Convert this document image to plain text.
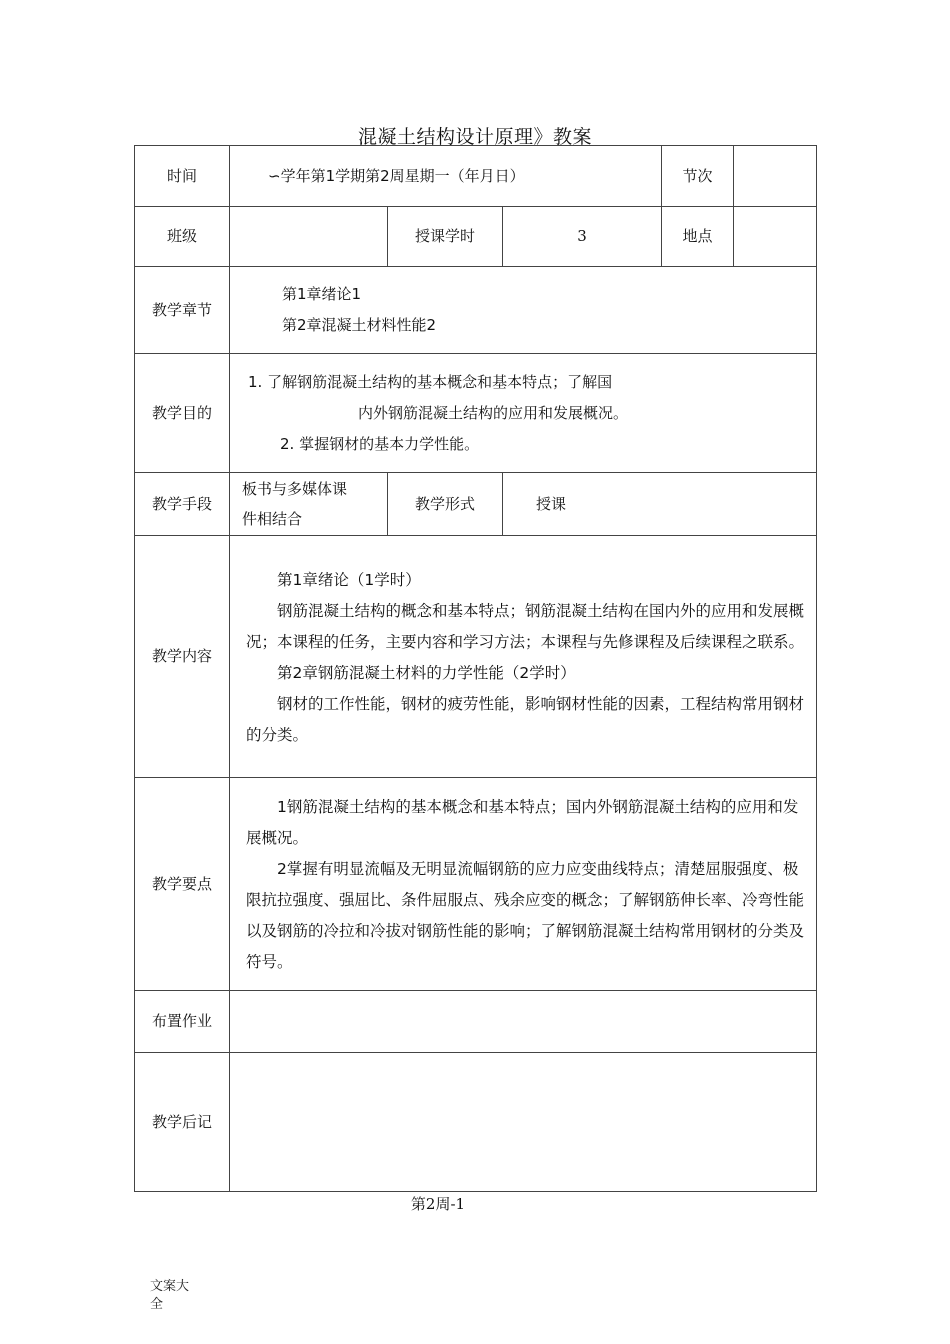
混凝土结构设计原理》教案
时间	∽学年第1学期第2周星期一（年月日）			节次	
班级		授课学时	3	地点	
教学章节	第1章绪论1
第2章混凝土材料性能2				

教学目的	1. 了解钢筋混凝土结构的基本概念和基本特点；了解国
内外钢筋混凝土结构的应用和发展概况。
2. 掌握钢材的基本力学性能。				

教学手段	板书与多媒体课
件相结合	教学形式	授课		
教学内容	第1章绪论（1学时）
钢筋混凝土结构的概念和基本特点；钢筋混凝土结构在国内外的应用和发展概况；本课程的任务，主要内容和学习方法；本课程与先修课程及后续课程之联系。
第2章钢筋混凝土材料的力学性能（2学时）
钢材的工作性能，钢材的疲劳性能，影响钢材性能的因素，工程结构常用钢材的分类。				

教学要点	1钢筋混凝土结构的基本概念和基本特点；国内外钢筋混凝土结构的应用和发展概况。
2掌握有明显流幅及无明显流幅钢筋的应力应变曲线特点；清楚屈服强度、极限抗拉强度、强屈比、条件屈服点、残余应变的概念；了解钢筋伸长率、冷弯性能以及钢筋的冷拉和冷拔对钢筋性能的影响；了解钢筋混凝土结构常用钢材的分类及符号。				

布置作业					
教学后记					
第2周-1
文案大全
